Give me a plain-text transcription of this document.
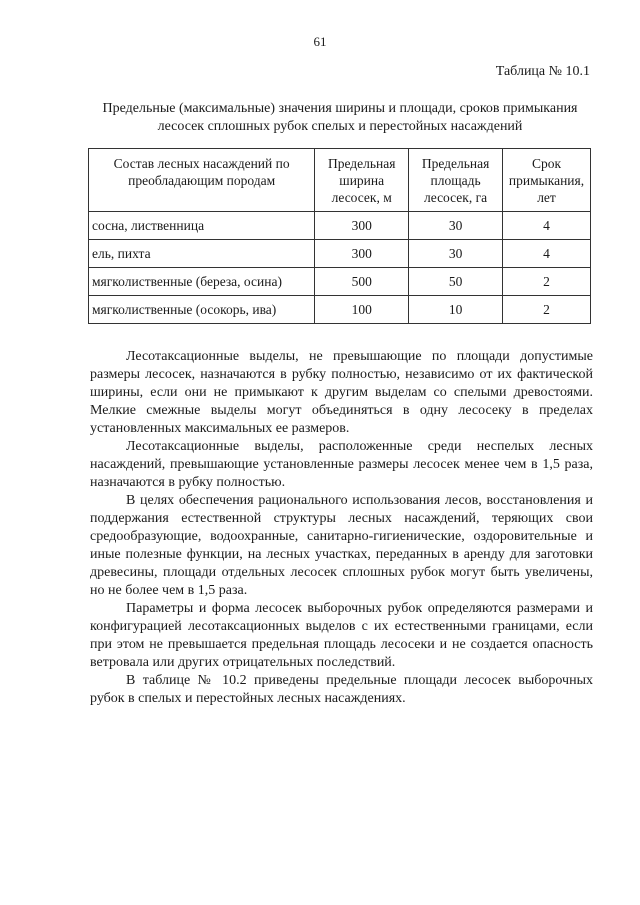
61
Таблица № 10.1
Предельные (максимальные) значения ширины и площади, сроков примыкания лесосек сплошных рубок спелых и перестойных насаждений
Состав лесных насаждений по преобладающим породам	Предельная ширина лесосек, м	Предельная площадь лесосек, га	Срок примыкания, лет
сосна, лиственница	300	30	4
ель, пихта	300	30	4
мягколиственные (береза, осина)	500	50	2
мягколиственные (осокорь, ива)	100	10	2

Лесотаксационные выделы, не превышающие по площади допустимые размеры лесосек, назначаются в рубку полностью, независимо от их фактической ширины, если они не примыкают к другим выделам со спелыми древостоями. Мелкие смежные выделы могут объединяться в одну лесосеку в пределах установленных максимальных ее размеров.

Лесотаксационные выделы, расположенные среди неспелых лесных насаждений, превышающие установленные размеры лесосек менее чем в 1,5 раза, назначаются в рубку полностью.

В целях обеспечения рационального использования лесов, восстановления и поддержания естественной структуры лесных насаждений, теряющих свои средообразующие, водоохранные, санитарно-гигиенические, оздоровительные и иные полезные функции, на лесных участках, переданных в аренду для заготовки древесины, площади отдельных лесосек сплошных рубок могут быть увеличены, но не более чем в 1,5 раза.

Параметры и форма лесосек выборочных рубок определяются размерами и конфигурацией лесотаксационных выделов с их естественными границами, если при этом не превышается предельная площадь лесосеки и не создается опасность ветровала или других отрицательных последствий.

В таблице № 10.2 приведены предельные площади лесосек выборочных рубок в спелых и перестойных лесных насаждениях.
